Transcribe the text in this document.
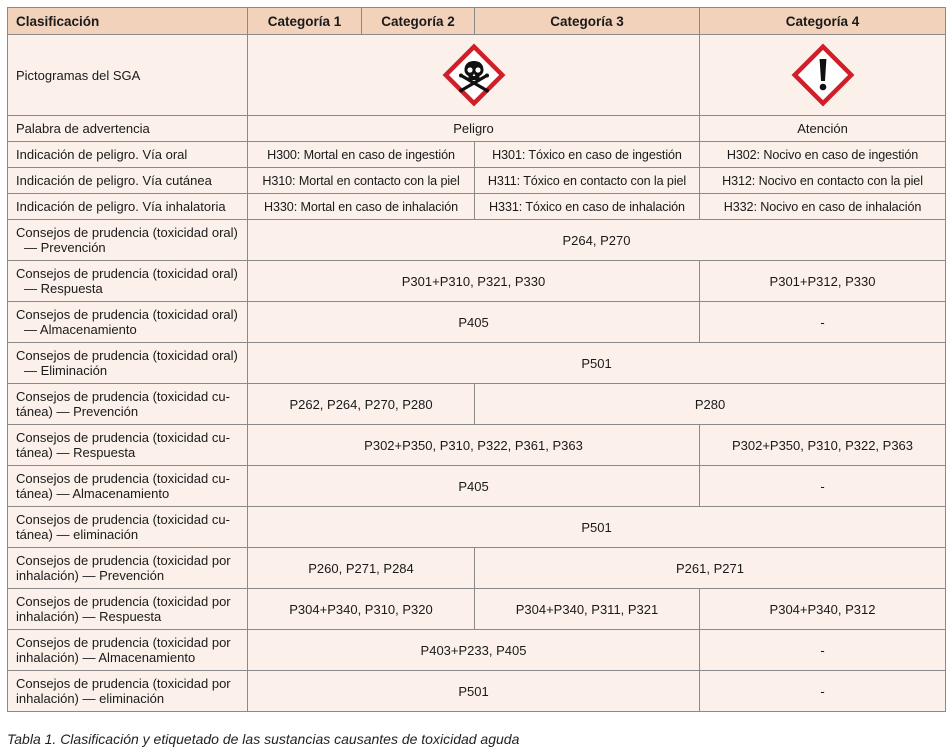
Clasificación	Categoría 1	Categoría 2	Categoría 3	Categoría 4
Pictogramas del SGA		
Palabra de advertencia	Peligro			Atención
Indicación de peligro. Vía oral	H300: Mortal en caso de ingestión		H301: Tóxico en caso de ingestión	H302: Nocivo en caso de ingestión
Indicación de peligro. Vía cutánea	H310: Mortal en contacto con la piel		H311: Tóxico en contacto con la piel	H312: Nocivo en contacto con la piel
Indicación de peligro. Vía inhalatoria	H330: Mortal en caso de inhalación		H331: Tóxico en caso de inhalación	H332: Nocivo en caso de inhalación
Consejos de prudencia (toxicidad oral)
— Prevención	P264, P270			
Consejos de prudencia (toxicidad oral)
— Respuesta	P301+P310, P321, P330			P301+P312, P330
Consejos de prudencia (toxicidad oral)
— Almacenamiento	P405			-
Consejos de prudencia (toxicidad oral)
— Eliminación	P501			
Consejos de prudencia (toxicidad cu-
tánea) — Prevención	P262, P264, P270, P280		P280	
Consejos de prudencia (toxicidad cu-
tánea) — Respuesta	P302+P350, P310, P322, P361, P363			P302+P350, P310, P322, P363
Consejos de prudencia (toxicidad cu-
tánea) — Almacenamiento	P405			-
Consejos de prudencia (toxicidad cu-
tánea) — eliminación	P501			
Consejos de prudencia (toxicidad por
inhalación) — Prevención	P260, P271, P284		P261, P271	
Consejos de prudencia (toxicidad por
inhalación) — Respuesta	P304+P340, P310, P320		P304+P340, P311, P321	P304+P340, P312
Consejos de prudencia (toxicidad por
inhalación) — Almacenamiento	P403+P233, P405			-
Consejos de prudencia (toxicidad por
inhalación) — eliminación	P501			-
Tabla 1. Clasificación y etiquetado de las sustancias causantes de toxicidad aguda
